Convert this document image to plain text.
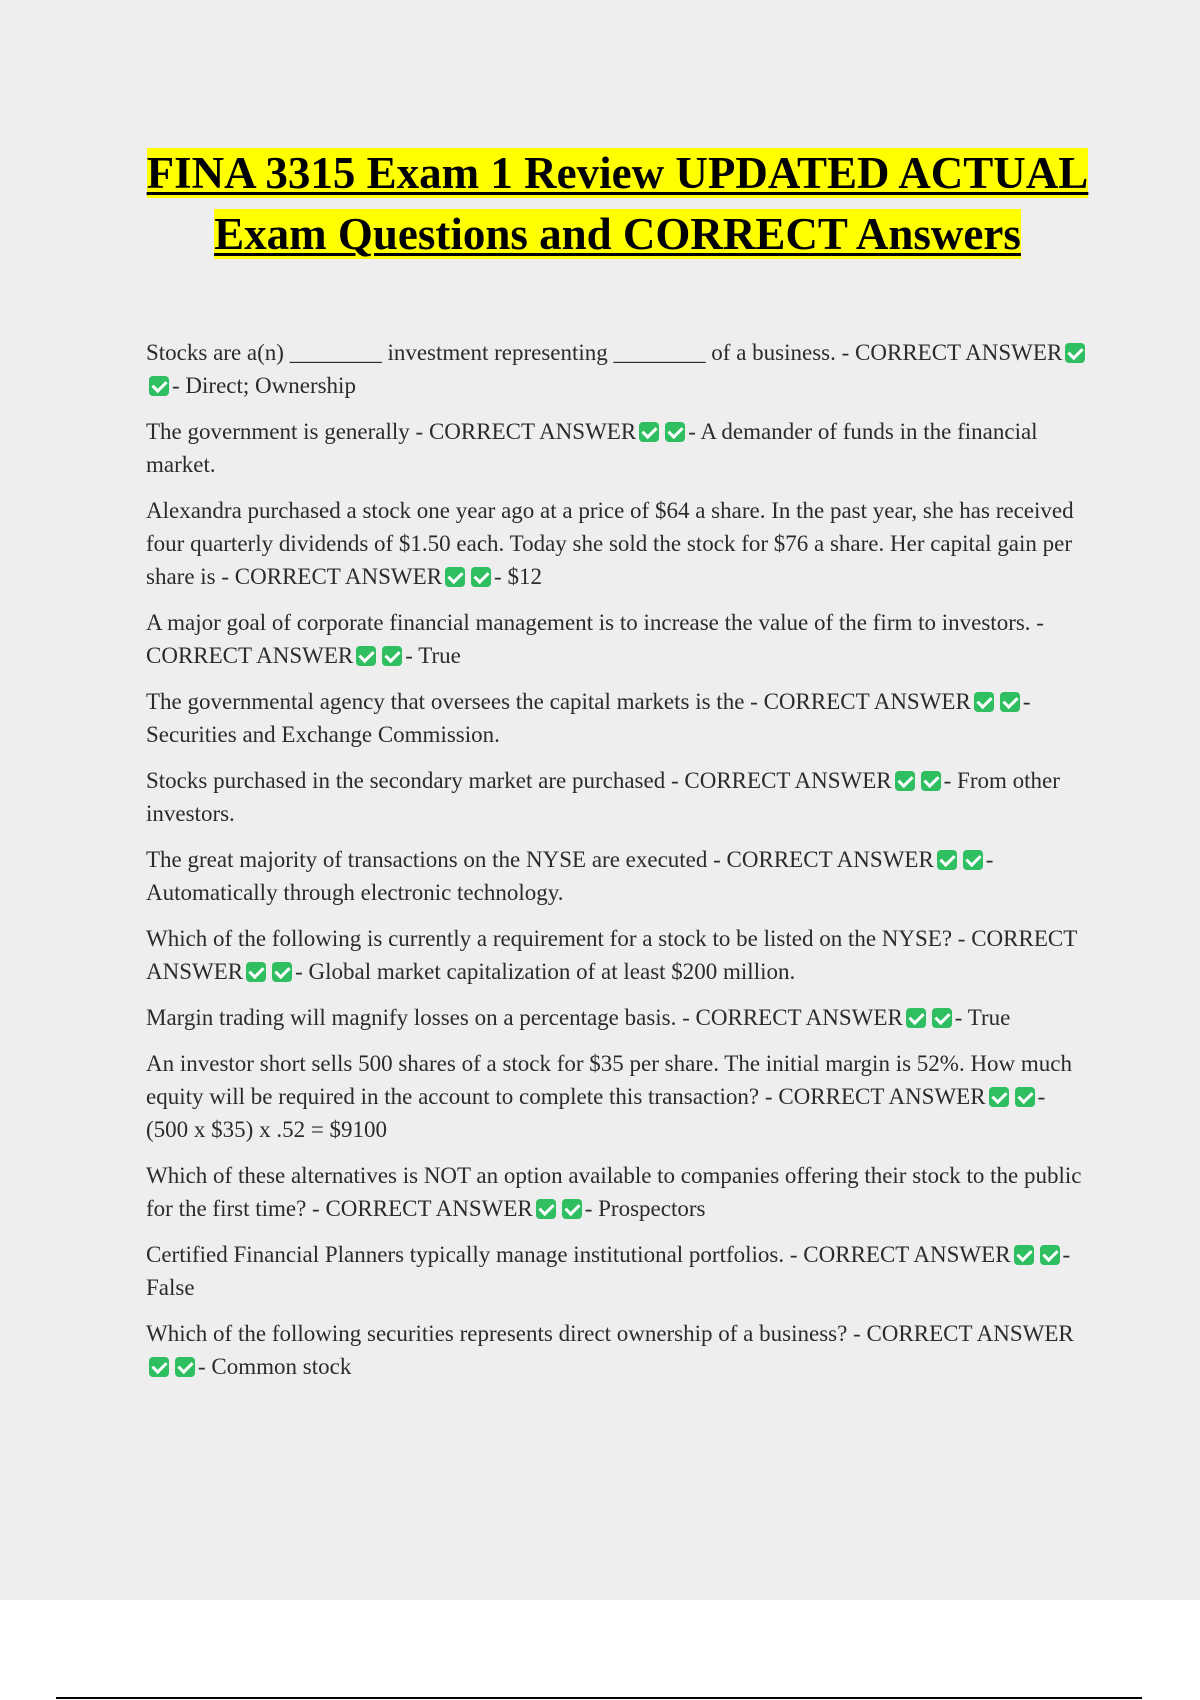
FINA 3315 Exam 1 Review UPDATED ACTUAL Exam Questions and CORRECT Answers

Stocks are a(n) ________ investment representing ________ of a business. - CORRECT ANSWER- Direct; Ownership

The government is generally - CORRECT ANSWER - A demander of funds in the financial market.

Alexandra purchased a stock one year ago at a price of $64 a share. In the past year, she has received four quarterly dividends of $1.50 each. Today she sold the stock for $76 a share. Her capital gain per share is - CORRECT ANSWER - $12

A major goal of corporate financial management is to increase the value of the firm to investors. - CORRECT ANSWER - True

The governmental agency that oversees the capital markets is the - CORRECT ANSWER - Securities and Exchange Commission.

Stocks purchased in the secondary market are purchased - CORRECT ANSWER - From other investors.

The great majority of transactions on the NYSE are executed - CORRECT ANSWER - Automatically through electronic technology.

Which of the following is currently a requirement for a stock to be listed on the NYSE? - CORRECT ANSWER - Global market capitalization of at least $200 million.

Margin trading will magnify losses on a percentage basis. - CORRECT ANSWER - True

An investor short sells 500 shares of a stock for $35 per share. The initial margin is 52%. How much equity will be required in the account to complete this transaction? - CORRECT ANSWER - (500 x $35) x .52 = $9100

Which of these alternatives is NOT an option available to companies offering their stock to the public for the first time? - CORRECT ANSWER - Prospectors

Certified Financial Planners typically manage institutional portfolios. - CORRECT ANSWER - False

Which of the following securities represents direct ownership of a business? - CORRECT ANSWER- Common stock
